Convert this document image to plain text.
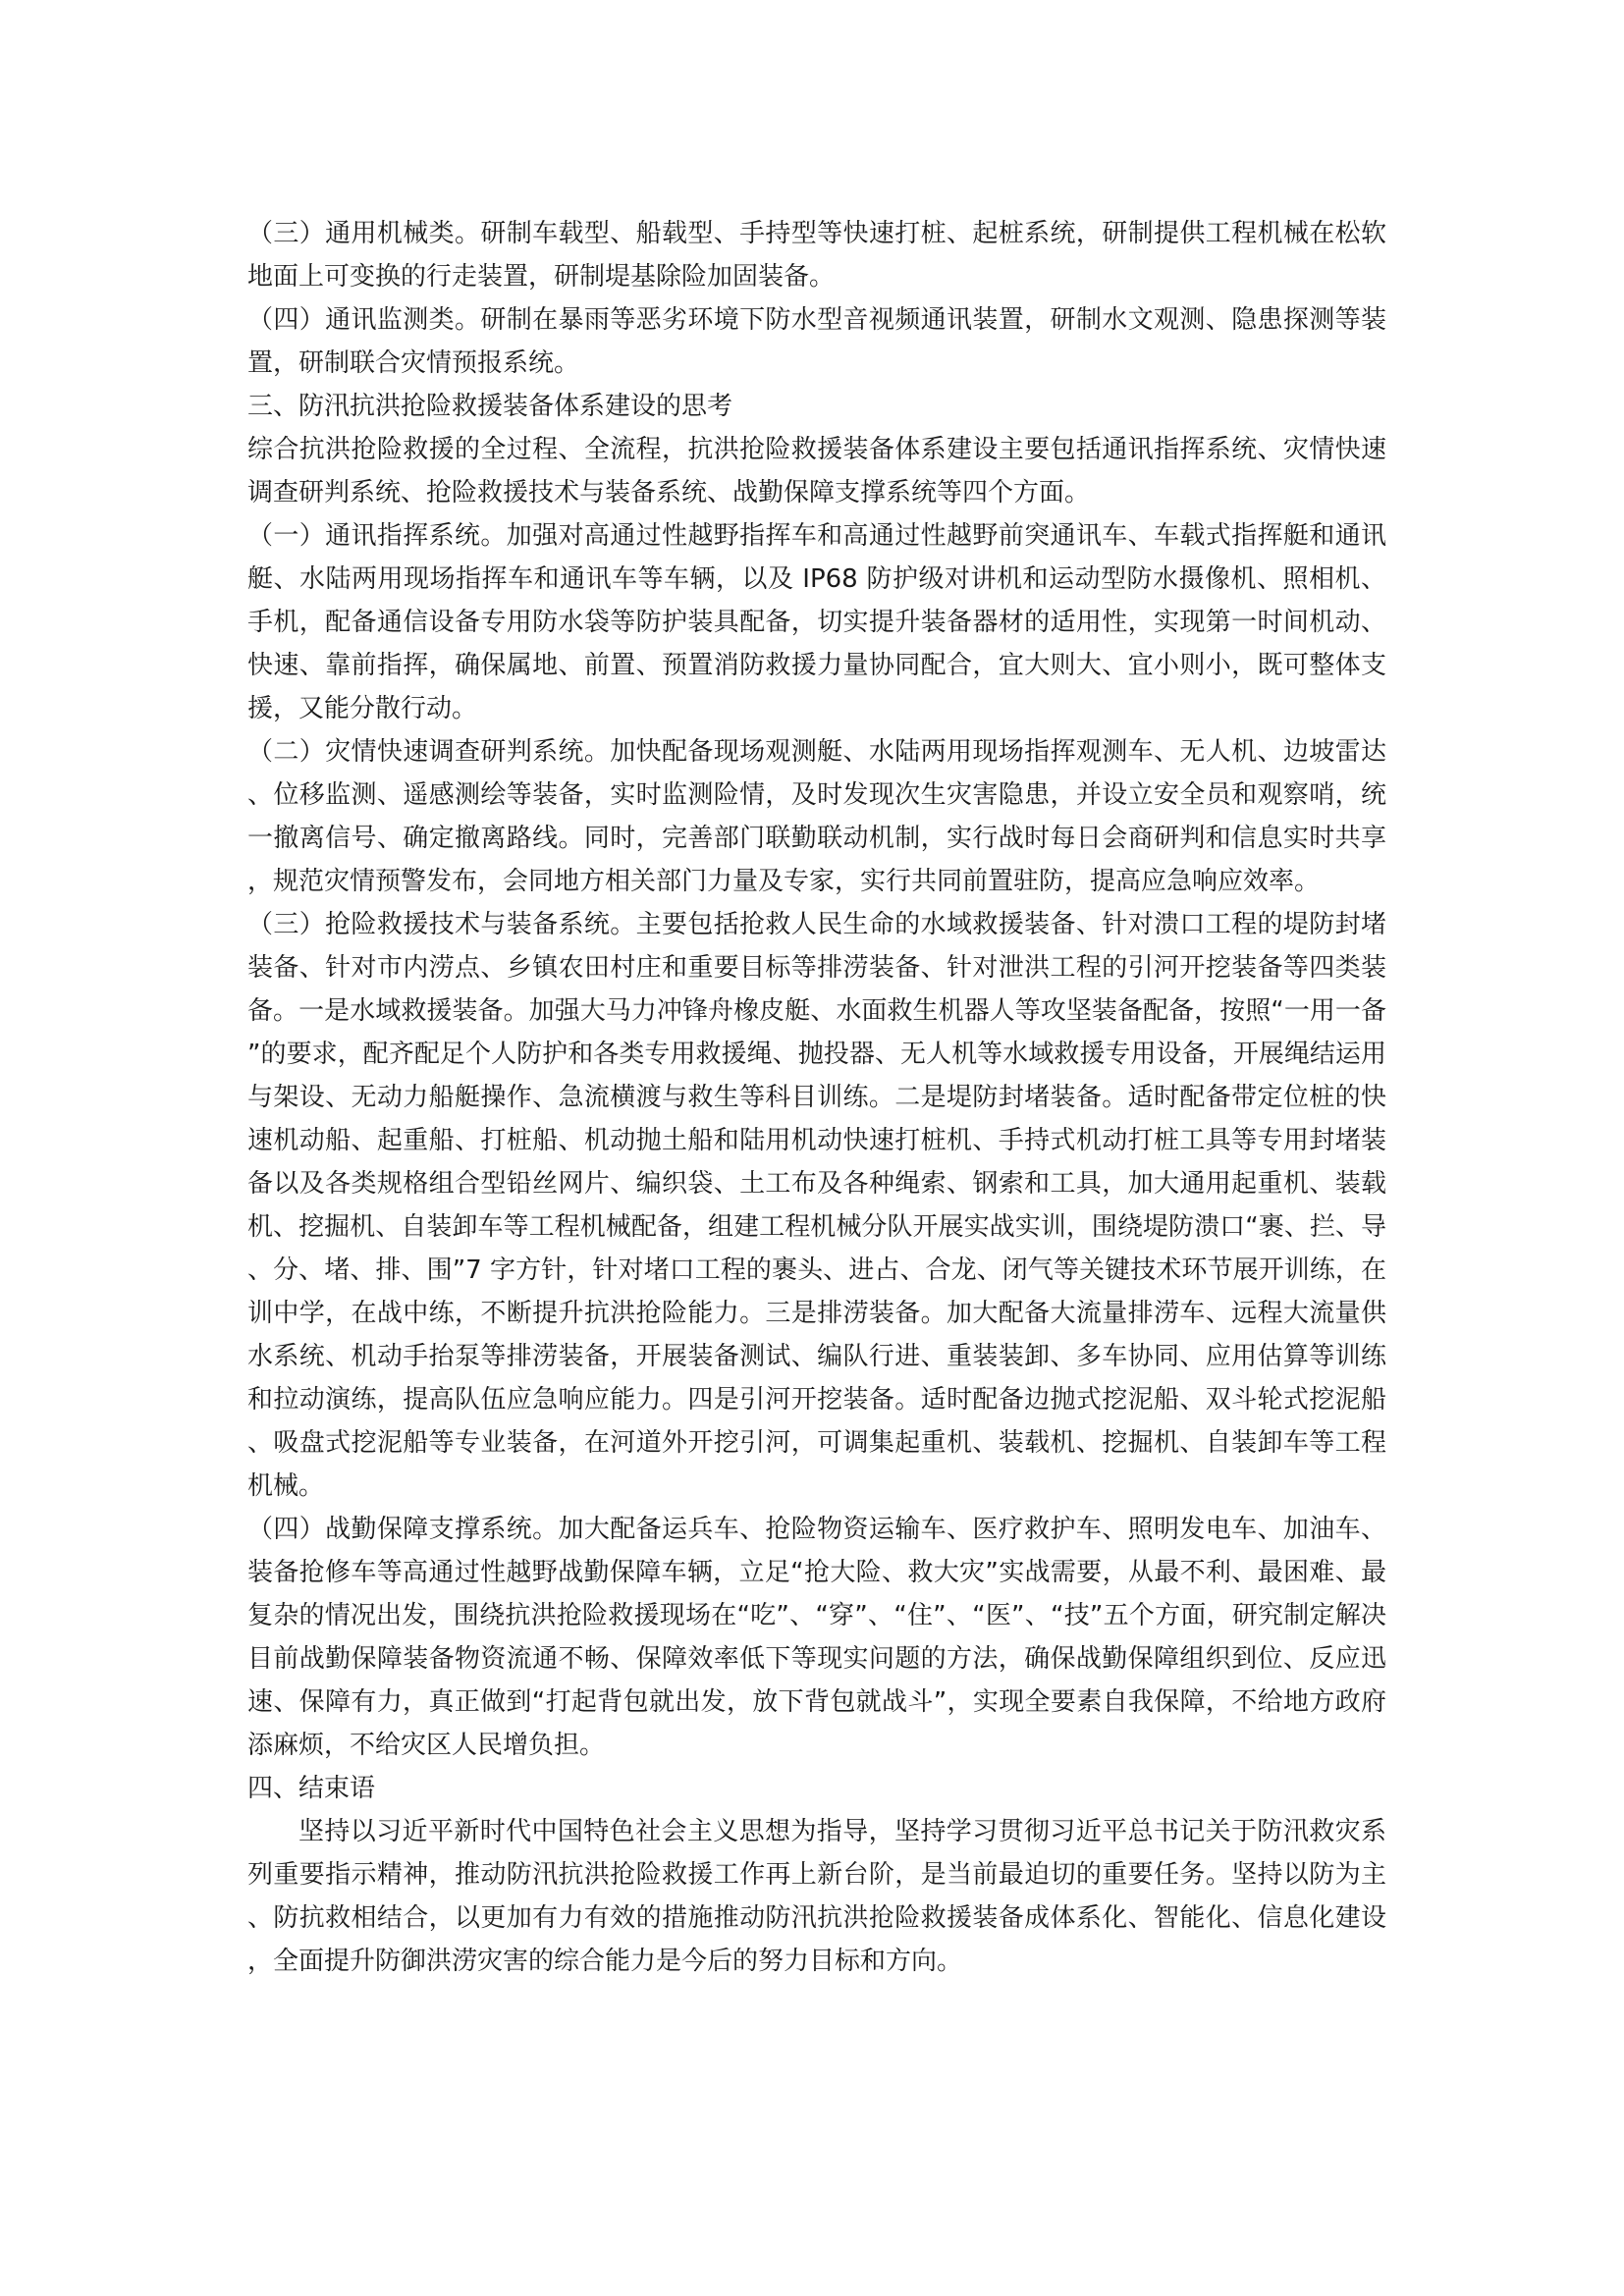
（三）通用机械类。研制车载型、船载型、手持型等快速打桩、起桩系统，研制提供工程机械在松软地面上可变换的行走装置，研制堤基除险加固装备。

（四）通讯监测类。研制在暴雨等恶劣环境下防水型音视频通讯装置，研制水文观测、隐患探测等装置，研制联合灾情预报系统。

三、防汛抗洪抢险救援装备体系建设的思考

综合抗洪抢险救援的全过程、全流程，抗洪抢险救援装备体系建设主要包括通讯指挥系统、灾情快速调查研判系统、抢险救援技术与装备系统、战勤保障支撑系统等四个方面。

（一）通讯指挥系统。加强对高通过性越野指挥车和高通过性越野前突通讯车、车载式指挥艇和通讯艇、水陆两用现场指挥车和通讯车等车辆，以及 IP68 防护级对讲机和运动型防水摄像机、照相机、手机，配备通信设备专用防水袋等防护装具配备，切实提升装备器材的适用性，实现第一时间机动、快速、靠前指挥，确保属地、前置、预置消防救援力量协同配合，宜大则大、宜小则小，既可整体支援，又能分散行动。

（二）灾情快速调查研判系统。加快配备现场观测艇、水陆两用现场指挥观测车、无人机、边坡雷达、位移监测、遥感测绘等装备，实时监测险情，及时发现次生灾害隐患，并设立安全员和观察哨，统一撤离信号、确定撤离路线。同时，完善部门联勤联动机制，实行战时每日会商研判和信息实时共享，规范灾情预警发布，会同地方相关部门力量及专家，实行共同前置驻防，提高应急响应效率。

（三）抢险救援技术与装备系统。主要包括抢救人民生命的水域救援装备、针对溃口工程的堤防封堵装备、针对市内涝点、乡镇农田村庄和重要目标等排涝装备、针对泄洪工程的引河开挖装备等四类装备。一是水域救援装备。加强大马力冲锋舟橡皮艇、水面救生机器人等攻坚装备配备，按照“一用一备”的要求，配齐配足个人防护和各类专用救援绳、抛投器、无人机等水域救援专用设备，开展绳结运用与架设、无动力船艇操作、急流横渡与救生等科目训练。二是堤防封堵装备。适时配备带定位桩的快速机动船、起重船、打桩船、机动抛土船和陆用机动快速打桩机、手持式机动打桩工具等专用封堵装备以及各类规格组合型铅丝网片、编织袋、土工布及各种绳索、钢索和工具，加大通用起重机、装载机、挖掘机、自装卸车等工程机械配备，组建工程机械分队开展实战实训，围绕堤防溃口“裹、拦、导、分、堵、排、围”7 字方针，针对堵口工程的裹头、进占、合龙、闭气等关键技术环节展开训练，在训中学，在战中练，不断提升抗洪抢险能力。三是排涝装备。加大配备大流量排涝车、远程大流量供水系统、机动手抬泵等排涝装备，开展装备测试、编队行进、重装装卸、多车协同、应用估算等训练和拉动演练，提高队伍应急响应能力。四是引河开挖装备。适时配备边抛式挖泥船、双斗轮式挖泥船、吸盘式挖泥船等专业装备，在河道外开挖引河，可调集起重机、装载机、挖掘机、自装卸车等工程机械。

（四）战勤保障支撑系统。加大配备运兵车、抢险物资运输车、医疗救护车、照明发电车、加油车、装备抢修车等高通过性越野战勤保障车辆，立足“抢大险、救大灾”实战需要，从最不利、最困难、最复杂的情况出发，围绕抗洪抢险救援现场在“吃”、“穿”、“住”、“医”、“技”五个方面，研究制定解决目前战勤保障装备物资流通不畅、保障效率低下等现实问题的方法，确保战勤保障组织到位、反应迅速、保障有力，真正做到“打起背包就出发，放下背包就战斗”，实现全要素自我保障，不给地方政府添麻烦，不给灾区人民增负担。

四、结束语

坚持以习近平新时代中国特色社会主义思想为指导，坚持学习贯彻习近平总书记关于防汛救灾系列重要指示精神，推动防汛抗洪抢险救援工作再上新台阶，是当前最迫切的重要任务。坚持以防为主、防抗救相结合，以更加有力有效的措施推动防汛抗洪抢险救援装备成体系化、智能化、信息化建设，全面提升防御洪涝灾害的综合能力是今后的努力目标和方向。
